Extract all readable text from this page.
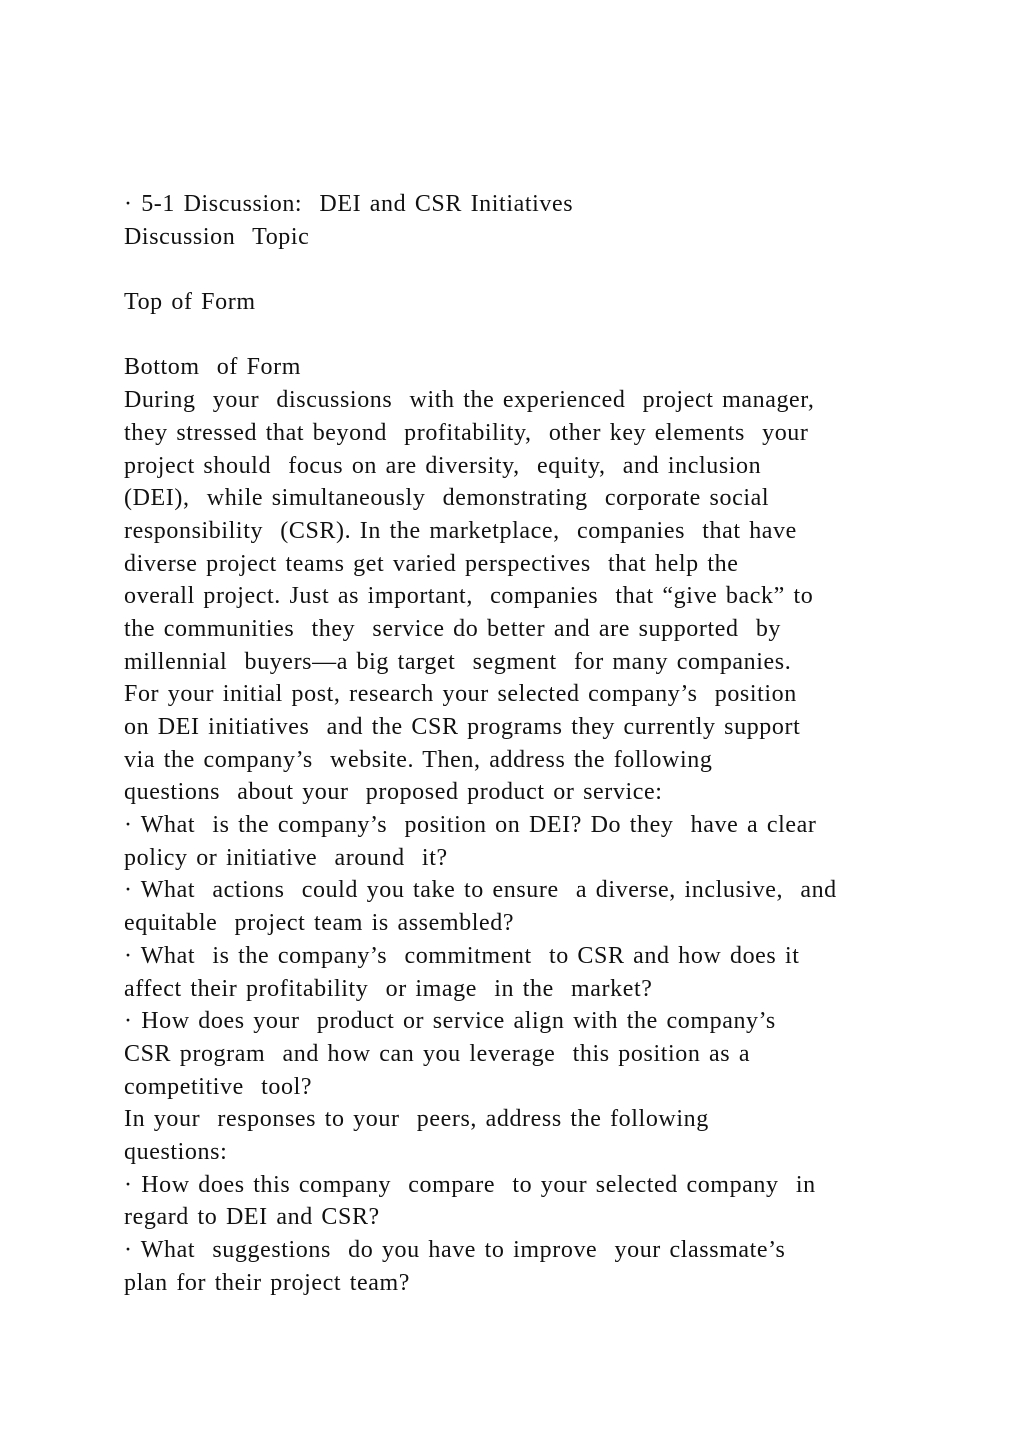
· 5-1 Discussion:  DEI and CSR Initiatives
Discussion  Topic
Top of Form
Bottom  of Form
During  your  discussions  with the experienced  project manager,
they stressed that beyond  profitability,  other key elements  your
project should  focus on are diversity,  equity,  and inclusion
(DEI),  while simultaneously  demonstrating  corporate social
responsibility  (CSR). In the marketplace,  companies  that have
diverse project teams get varied perspectives  that help the
overall project. Just as important,  companies  that “give back” to
the communities  they  service do better and are supported  by
millennial  buyers—a big target  segment  for many companies.
For your initial post, research your selected company’s  position
on DEI initiatives  and the CSR programs they currently support
via the company’s  website. Then, address the following
questions  about your  proposed product or service:
· What  is the company’s  position on DEI? Do they  have a clear
policy or initiative  around  it?
· What  actions  could you take to ensure  a diverse, inclusive,  and
equitable  project team is assembled?
· What  is the company’s  commitment  to CSR and how does it
affect their profitability  or image  in the  market?
· How does your  product or service align with the company’s
CSR program  and how can you leverage  this position as a
competitive  tool?
In your  responses to your  peers, address the following
questions:
· How does this company  compare  to your selected company  in
regard to DEI and CSR?
· What  suggestions  do you have to improve  your classmate’s
plan for their project team?
